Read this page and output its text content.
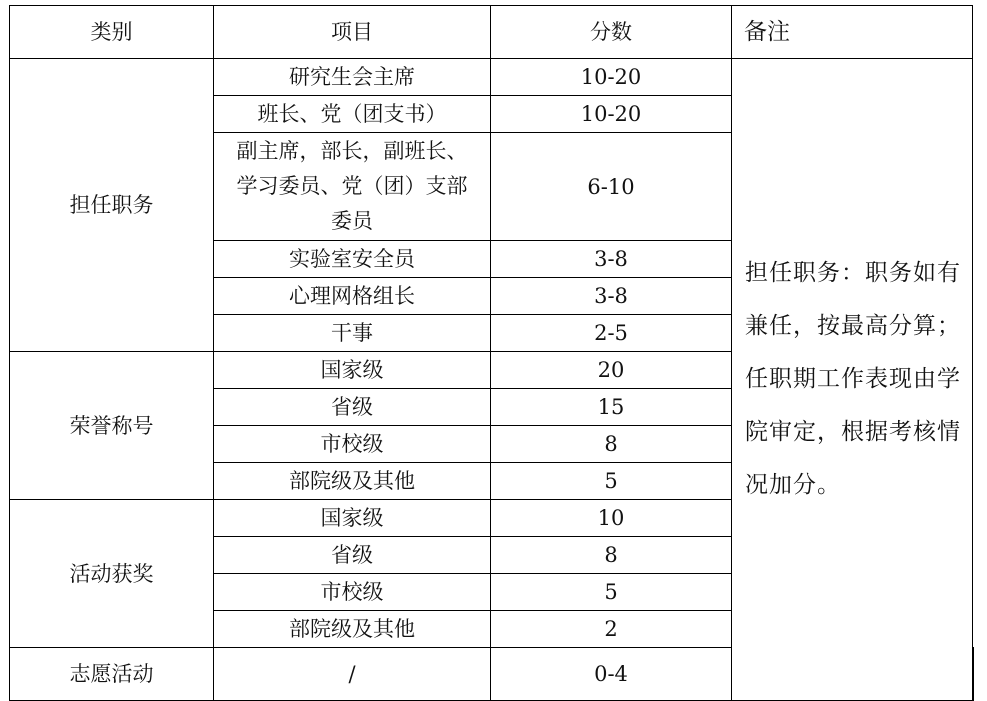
类别	项目	分数	备注	
担任职务	研究生会主席	10-20	担任职务：职务如有兼任，按最高分算；任职期工作表现由学院审定，根据考核情况加分。	
	班长、党（团支书）	10-20		

	副主席，部长，副班长、
学习委员、党（团）支部
委员	6-10		
	实验室安全员	3-8		
	心理网格组长	3-8		
	干事	2-5		
荣誉称号	国家级	20		
	省级	15		
	市校级	8		
	部院级及其他	5		
活动获奖	国家级	10		
	省级	8		
	市校级	5		
	部院级及其他	2		
志愿活动	/	0-4		
